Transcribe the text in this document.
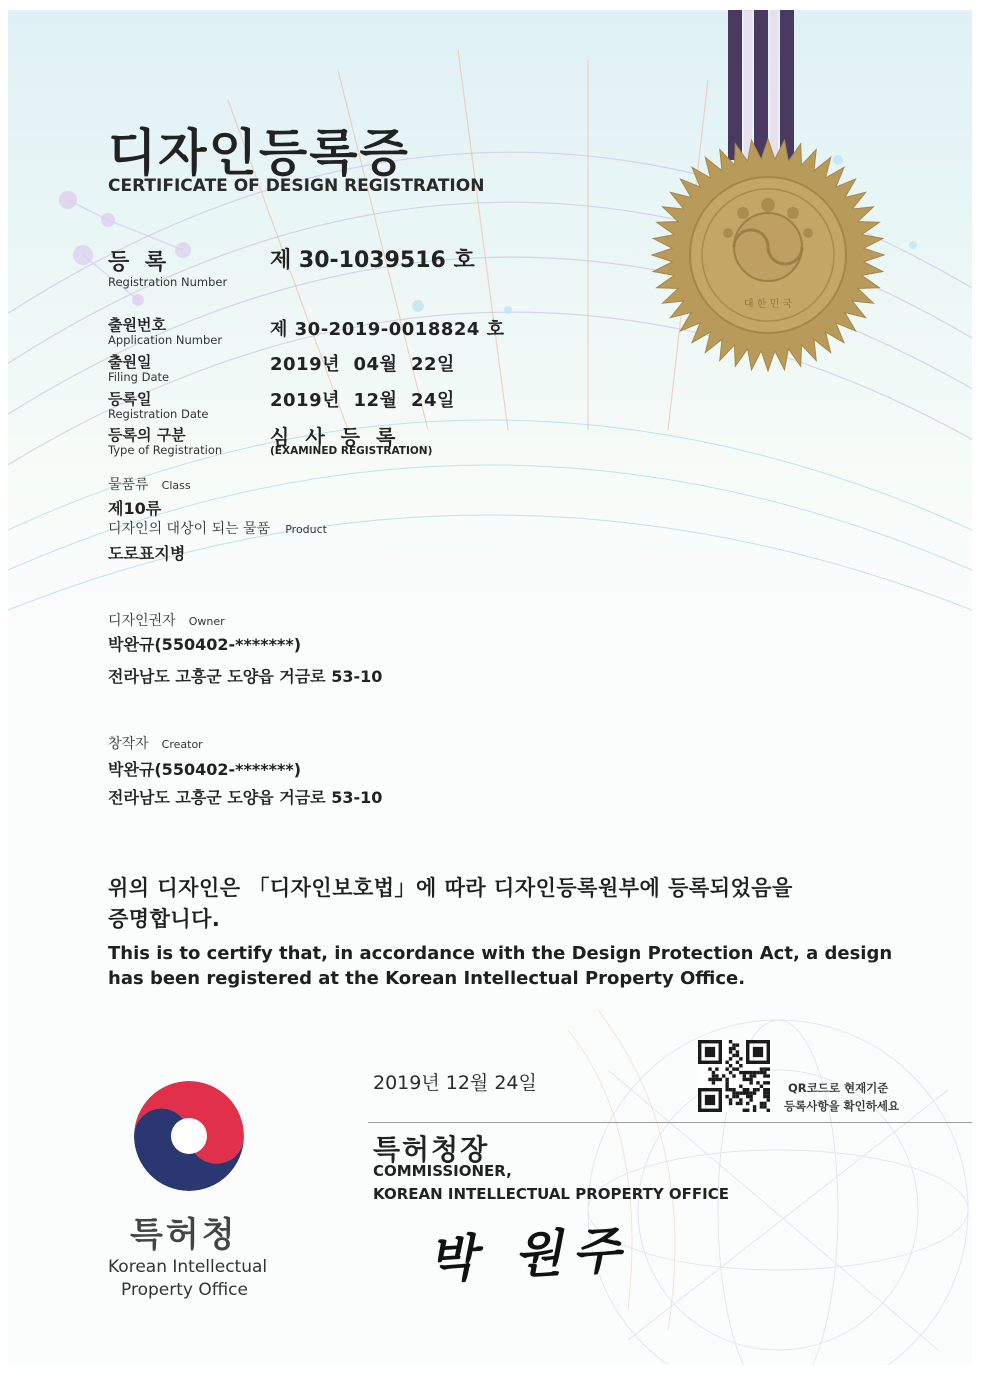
대 한 민 국
디자인등록증
CERTIFICATE OF DESIGN REGISTRATION
등 록
Registration Number
제 30-1039516 호
출원번호
Application Number	제 30-2019-0018824 호
출원일
Filing Date
2019년  04월  22일
등록일
Registration Date
2019년  12월  24일
등록의 구분
Type of Registration
심사등록
(EXAMINED REGISTRATION)
물품류 Class
제10류
디자인의 대상이 되는 물품 Product
도로표지병
디자인권자 Owner
박완규(550402-*******)
전라남도 고흥군 도양읍 거금로 53-10
창작자 Creator
박완규(550402-*******)
전라남도 고흥군 도양읍 거금로 53-10
위의 디자인은 「디자인보호법」에 따라 디자인등록원부에 등록되었음을
증명합니다.
This is to certify that, in accordance with the Design Protection Act, a design
has been registered at the Korean Intellectual Property Office.
2019년 12월 24일	QR코드로 현재기준
등록사항을 확인하세요
특허청장
COMMISSIONER,
KOREAN INTELLECTUAL PROPERTY OFFICE
박 원주
특허청
Korean Intellectual
Property Office
